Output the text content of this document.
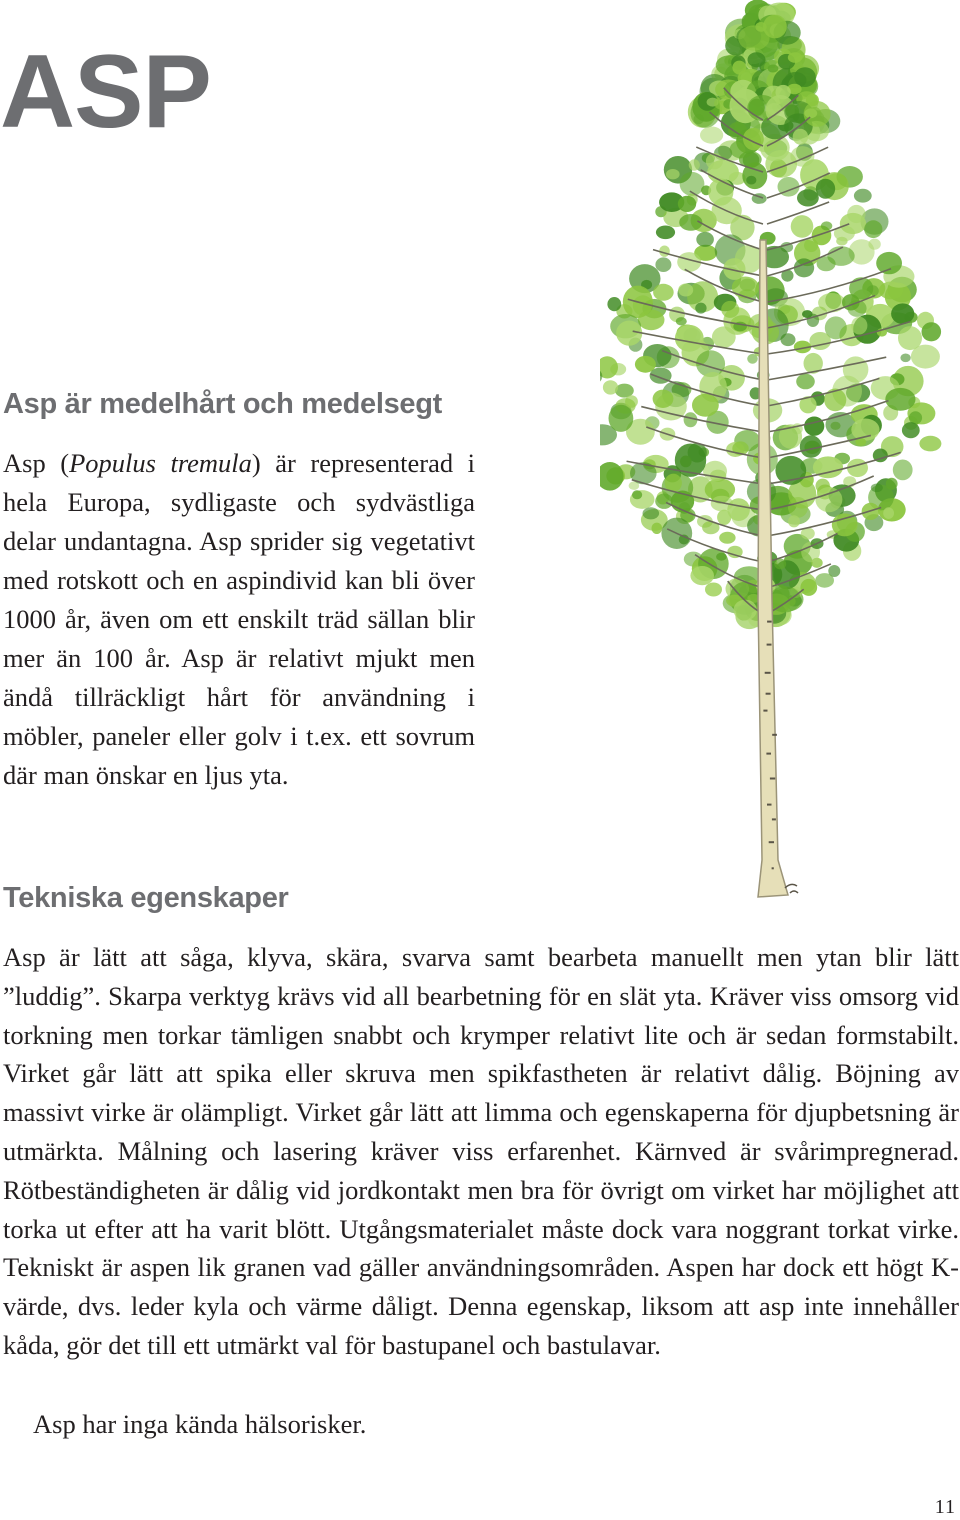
ASP
Asp är medelhårt och medelsegt

Asp (Populus tremula) är representerad i hela Europa, sydligaste och sydvästliga delar undantagna. Asp sprider sig vegetativt med rotskott och en aspindivid kan bli över 1000 år, även om ett enskilt träd sällan blir mer än 100 år. Asp är relativt mjukt men ändå tillräckligt hårt för användning i möbler, paneler eller golv i t.ex. ett sovrum där man önskar en ljus yta.

Tekniska egenskaper

Asp är lätt att såga, klyva, skära, svarva samt bearbeta manuellt men ytan blir lätt ”luddig”. Skarpa verktyg krävs vid all bearbetning för en slät yta. Kräver viss omsorg vid torkning men torkar tämligen snabbt och krymper relativt lite och är sedan formstabilt. Virket går lätt att spika eller skruva men spikfastheten är relativt dålig. Böjning av massivt virke är olämpligt. Virket går lätt att limma och egenskaperna för djupbetsning är utmärkta. Målning och lasering kräver viss erfarenhet. Kärnved är svårimpregnerad. Rötbeständigheten är dålig vid jordkontakt men bra för övrigt om virket har möjlighet att torka ut efter att ha varit blött. Utgångsmaterialet måste dock vara noggrant torkat virke. Tekniskt är aspen lik granen vad gäller användningsområden. Aspen har dock ett högt K-värde, dvs. leder kyla och värme dåligt. Denna egenskap, liksom att asp inte innehåller kåda, gör det till ett utmärkt val för bastupanel och bastulavar.

Asp har inga kända hälsorisker.

11
